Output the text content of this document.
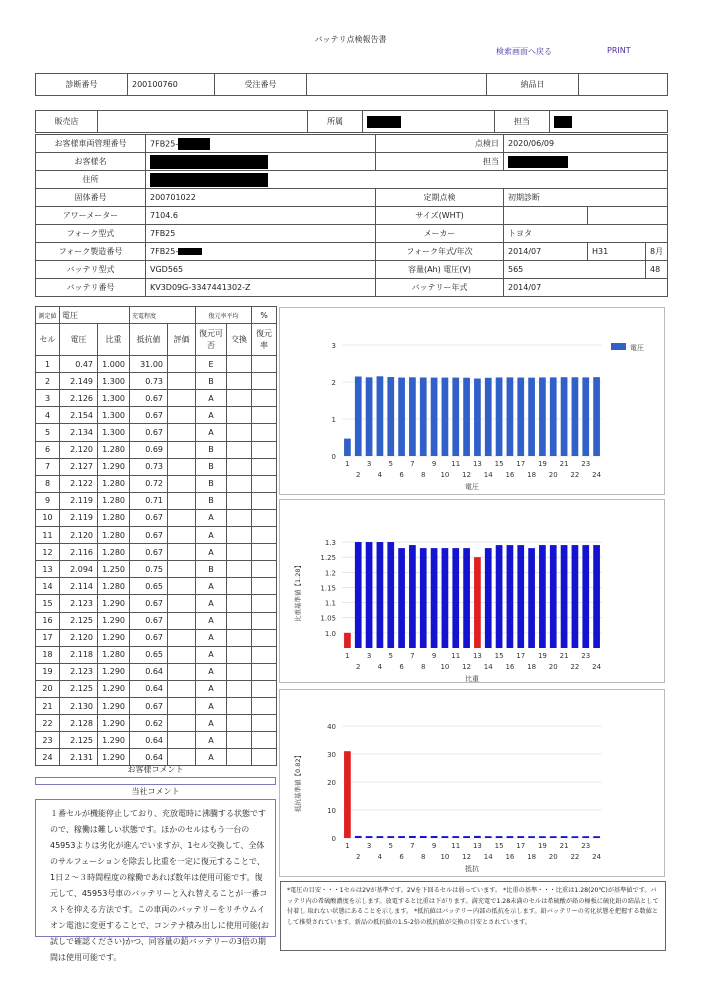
バッテリ点検報告書
検索画面へ戻る	PRINT
診断番号	200100760	受注番号		納品日	
販売店		所属		担当	
お客様車両管理番号	7FB25-	点検日	2020/06/09		
お客様名		担当			
住所					
固体番号	200701022	定期点検	初期診断		
アワーメーター	7104.6	サイズ(WHT)			
フォーク型式	7FB25	メーカー	トヨタ		
フォーク製造番号	7FB25-	フォーク年式/年次	2014/07	H31	8月
バッテリ型式	VGD565	容量(Ah) 電圧(V)	565		48
バッテリ番号	KV3D09G-3347441302-Z	バッテリー年式	2014/07		
測定値	電圧		充電程度		復元率平均		%
セル	電圧	比重	抵抗値	評価	復元可否	交換	復元率
1	0.47	1.000	31.00		E		
2	2.149	1.300	0.73		B		
3	2.126	1.300	0.67		A		
4	2.154	1.300	0.67		A		
5	2.134	1.300	0.67		A		
6	2.120	1.280	0.69		B		
7	2.127	1.290	0.73		B		
8	2.122	1.280	0.72		B		
9	2.119	1.280	0.71		B		
10	2.119	1.280	0.67		A		
11	2.120	1.280	0.67		A		
12	2.116	1.280	0.67		A		
13	2.094	1.250	0.75		B		
14	2.114	1.280	0.65		A		
15	2.123	1.290	0.67		A		
16	2.125	1.290	0.67		A		
17	2.120	1.290	0.67		A		
18	2.118	1.280	0.65		A		
19	2.123	1.290	0.64		A		
20	2.125	1.290	0.64		A		
21	2.130	1.290	0.67		A		
22	2.128	1.290	0.62		A		
23	2.125	1.290	0.64		A		
24	2.131	1.290	0.64		A		
お客様コメント
当社コメント
１番セルが機能停止しており、充放電時に沸騰する状態ですので、稼働は難しい状態です。ほかのセルはもう一台の45953よりは劣化が進んでいますが、1セル交換して、全体のサルフェーションを除去し比重を一定に復元することで、1日２～３時間程度の稼働であれば数年は使用可能です。復元して、45953号車のバッテリーと入れ替えることが一番コストを抑える方法です。この車両のバッテリーをリチウムイオン電池に変更することで、コンテナ積み出しに使用可能(お試しで確認ください)かつ、同容量の鉛バッテリーの3倍の期間は使用可能です。
0
1
2
3
1
2
3
4
5
6
7
8
9
10
11
12
13
14
15
16
17
18
19
20
21
22
23
24
電圧
電圧
1.0
1.05
1.1
1.15
1.2
1.25
1.3
1
2
3
4
5
6
7
8
9
10
11
12
13
14
15
16
17
18
19
20
21
22
23
24
比重
比重基準値【1.28】
0
10
20
30
40
1
2
3
4
5
6
7
8
9
10
11
12
13
14
15
16
17
18
19
20
21
22
23
24
抵抗
抵抗基準値【0.82】
*電圧の目安・・・1セルは2Vが基準です。2Vを下回るセルは弱っています。 *比重の基準・・・比重は1.28(20℃)が基準値です。バッテリ内の希硫酸濃度を示します。放電すると比重は下がります。満充電で1.28未満のセルは希硫酸が鉛の極板に硫化鉛の結晶として付着し 取れない状態にあることを示します。 *抵抗値はバッテリー内部の抵抗を示します。鉛バッテリーの劣化状態を把握する数値として推奨されています。新品の抵抗値の1.5-2倍の抵抗値が交換の目安とされています。
